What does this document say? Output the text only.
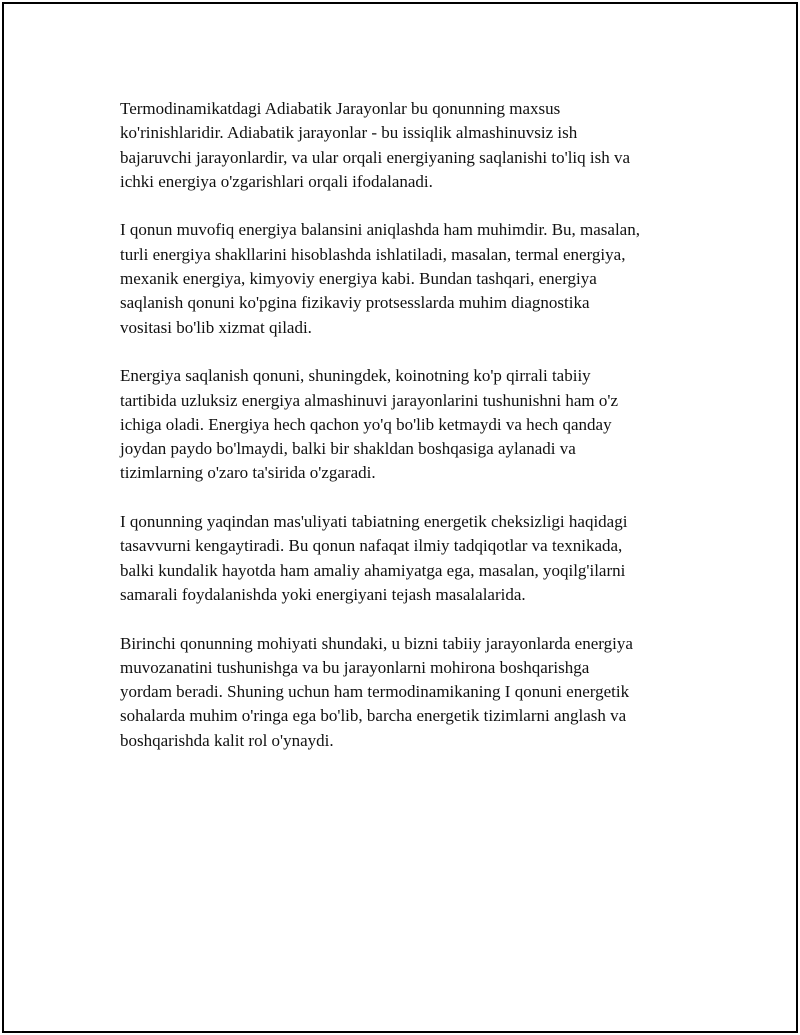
Termodinamikatdagi Adiabatik Jarayonlar bu qonunning maxsus
ko'rinishlaridir. Adiabatik jarayonlar - bu issiqlik almashinuvsiz ish
bajaruvchi jarayonlardir, va ular orqali energiyaning saqlanishi to'liq ish va
ichki energiya o'zgarishlari orqali ifodalanadi.

I qonun muvofiq energiya balansini aniqlashda ham muhimdir. Bu, masalan,
turli energiya shakllarini hisoblashda ishlatiladi, masalan, termal energiya,
mexanik energiya, kimyoviy energiya kabi. Bundan tashqari, energiya
saqlanish qonuni ko'pgina fizikaviy protsesslarda muhim diagnostika
vositasi bo'lib xizmat qiladi.

Energiya saqlanish qonuni, shuningdek, koinotning ko'p qirrali tabiiy
tartibida uzluksiz energiya almashinuvi jarayonlarini tushunishni ham o'z
ichiga oladi. Energiya hech qachon yo'q bo'lib ketmaydi va hech qanday
joydan paydo bo'lmaydi, balki bir shakldan boshqasiga aylanadi va
tizimlarning o'zaro ta'sirida o'zgaradi.

I qonunning yaqindan mas'uliyati tabiatning energetik cheksizligi haqidagi
tasavvurni kengaytiradi. Bu qonun nafaqat ilmiy tadqiqotlar va texnikada,
balki kundalik hayotda ham amaliy ahamiyatga ega, masalan, yoqilg'ilarni
samarali foydalanishda yoki energiyani tejash masalalarida.

Birinchi qonunning mohiyati shundaki, u bizni tabiiy jarayonlarda energiya
muvozanatini tushunishga va bu jarayonlarni mohirona boshqarishga
yordam beradi. Shuning uchun ham termodinamikaning I qonuni energetik
sohalarda muhim o'ringa ega bo'lib, barcha energetik tizimlarni anglash va
boshqarishda kalit rol o'ynaydi.
